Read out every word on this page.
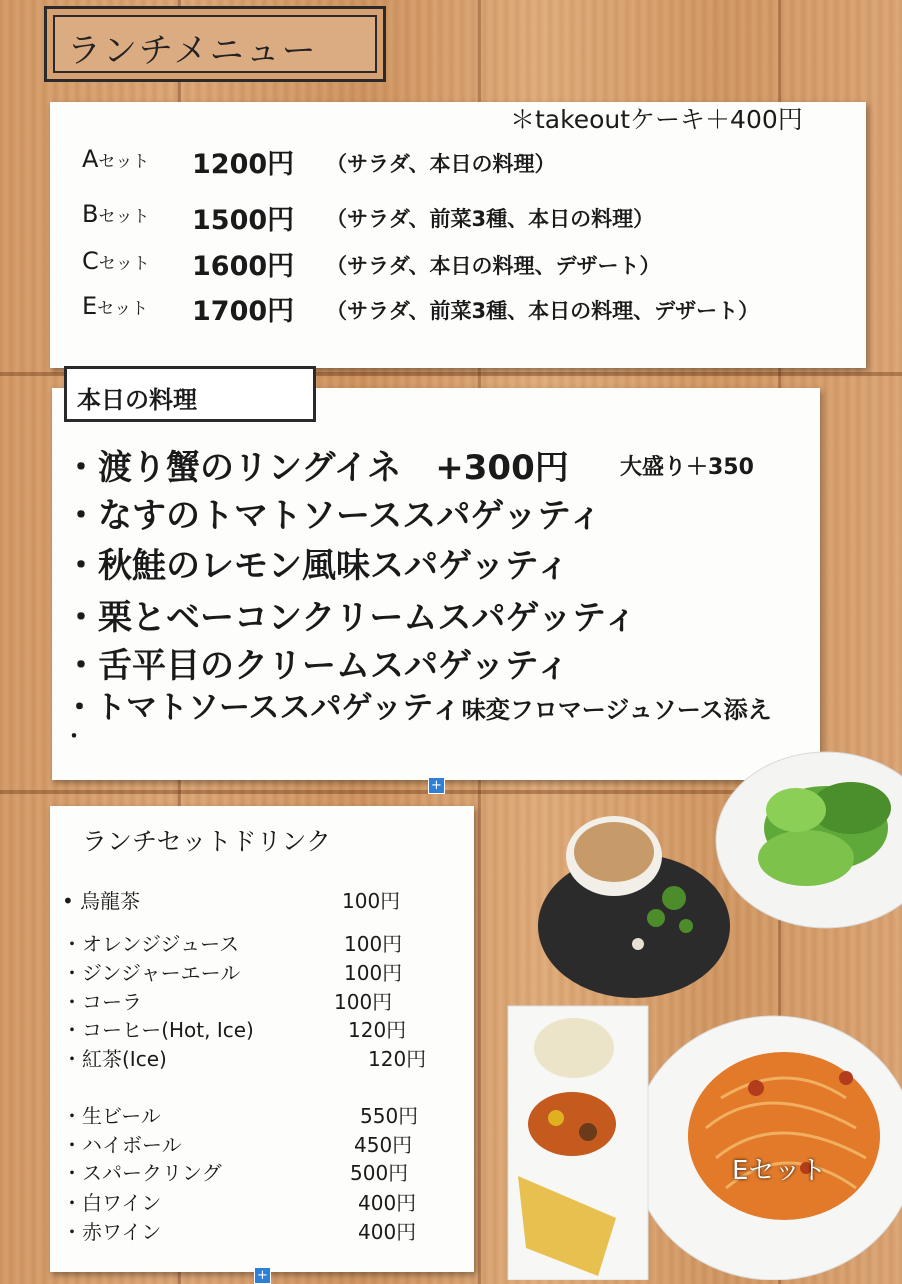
ランチメニュー
＊takeoutケーキ＋400円
Aセット 1200円 （サラダ、本日の料理）
Bセット 1500円 （サラダ、前菜3種、本日の料理）
Cセット 1600円 （サラダ、本日の料理、デザート）
Eセット 1700円 （サラダ、前菜3種、本日の料理、デザート）
本日の料理
・渡り蟹のリングイネ　+300円 大盛り＋350
・なすのトマトソーススパゲッティ
・秋鮭のレモン風味スパゲッティ
・栗とベーコンクリームスパゲッティ
・舌平目のクリームスパゲッティ
・トマトソーススパゲッティ味変フロマージュソース添え
・
+
ランチセットドリンク
• 烏龍茶	100円
・オレンジジュース	100円
・ジンジャーエール	100円
・コーラ	100円
・コーヒー(Hot, Ice)	120円
・紅茶(Ice)	120円
・生ビール	550円
・ハイボール	450円
・スパークリング	500円
・白ワイン	400円
・赤ワイン	400円
+
Eセット
